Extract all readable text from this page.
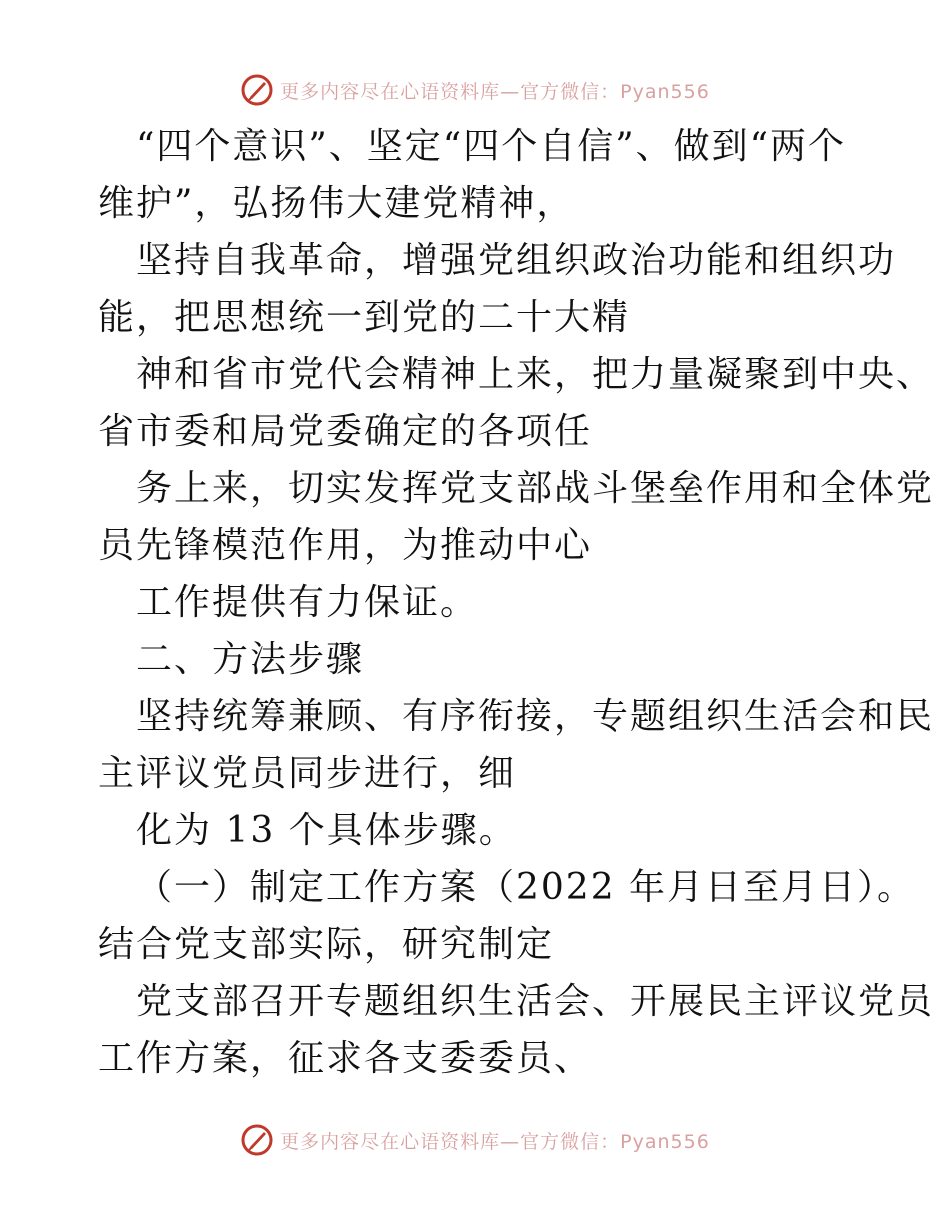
更多内容尽在心语资料库—官方微信：Pyan556
“四个意识”、坚定“四个自信”、做到“两个
维护”，弘扬伟大建党精神，
坚持自我革命，增强党组织政治功能和组织功
能，把思想统一到党的二十大精
神和省市党代会精神上来，把力量凝聚到中央、
省市委和局党委确定的各项任
务上来，切实发挥党支部战斗堡垒作用和全体党
员先锋模范作用，为推动中心
工作提供有力保证。
二、方法步骤
坚持统筹兼顾、有序衔接，专题组织生活会和民
主评议党员同步进行，细
化为 13 个具体步骤。
（一）制定工作方案（2022 年月日至月日）。
结合党支部实际，研究制定
党支部召开专题组织生活会、开展民主评议党员
工作方案，征求各支委委员、
更多内容尽在心语资料库—官方微信：Pyan556
